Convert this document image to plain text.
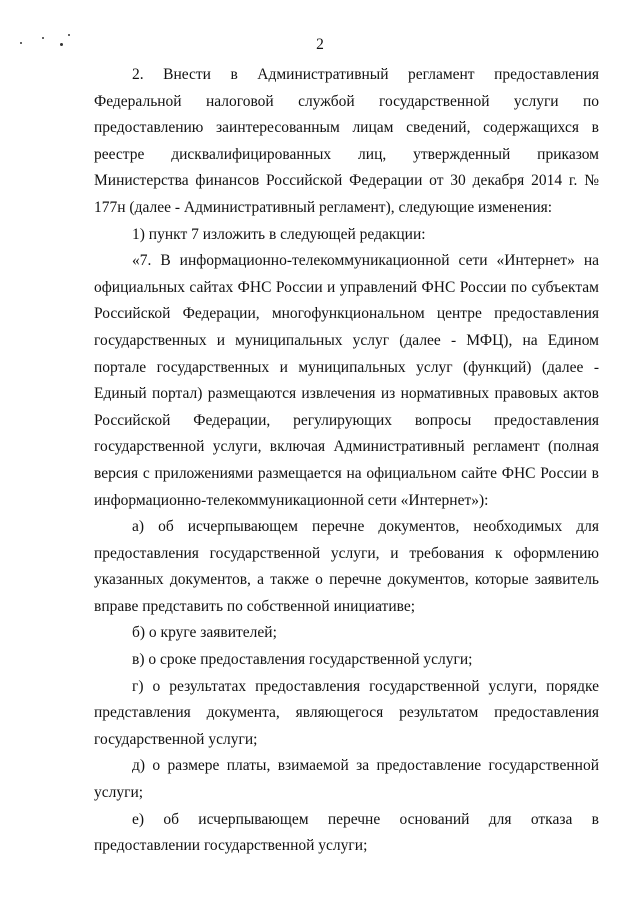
2

2. Внести в Административный регламент предоставления Федеральной налоговой службой государственной услуги по предоставлению заинтересованным лицам сведений, содержащихся в реестре дисквалифицированных лиц, утвержденный приказом Министерства финансов Российской Федерации от 30 декабря 2014 г. № 177н (далее - Административный регламент), следующие изменения:

1) пункт 7 изложить в следующей редакции:

«7. В информационно-телекоммуникационной сети «Интернет» на официальных сайтах ФНС России и управлений ФНС России по субъектам Российской Федерации, многофункциональном центре предоставления государственных и муниципальных услуг (далее - МФЦ), на Едином портале государственных и муниципальных услуг (функций) (далее - Единый портал) размещаются извлечения из нормативных правовых актов Российской Федерации, регулирующих вопросы предоставления государственной услуги, включая Административный регламент (полная версия с приложениями размещается на официальном сайте ФНС России в информационно-телекоммуникационной сети «Интернет»):

а) об исчерпывающем перечне документов, необходимых для предоставления государственной услуги, и требования к оформлению указанных документов, а также о перечне документов, которые заявитель вправе представить по собственной инициативе;

б) о круге заявителей;

в) о сроке предоставления государственной услуги;

г) о результатах предоставления государственной услуги, порядке представления документа, являющегося результатом предоставления государственной услуги;

д) о размере платы, взимаемой за предоставление государственной услуги;

е) об исчерпывающем перечне оснований для отказа в предоставлении государственной услуги;
